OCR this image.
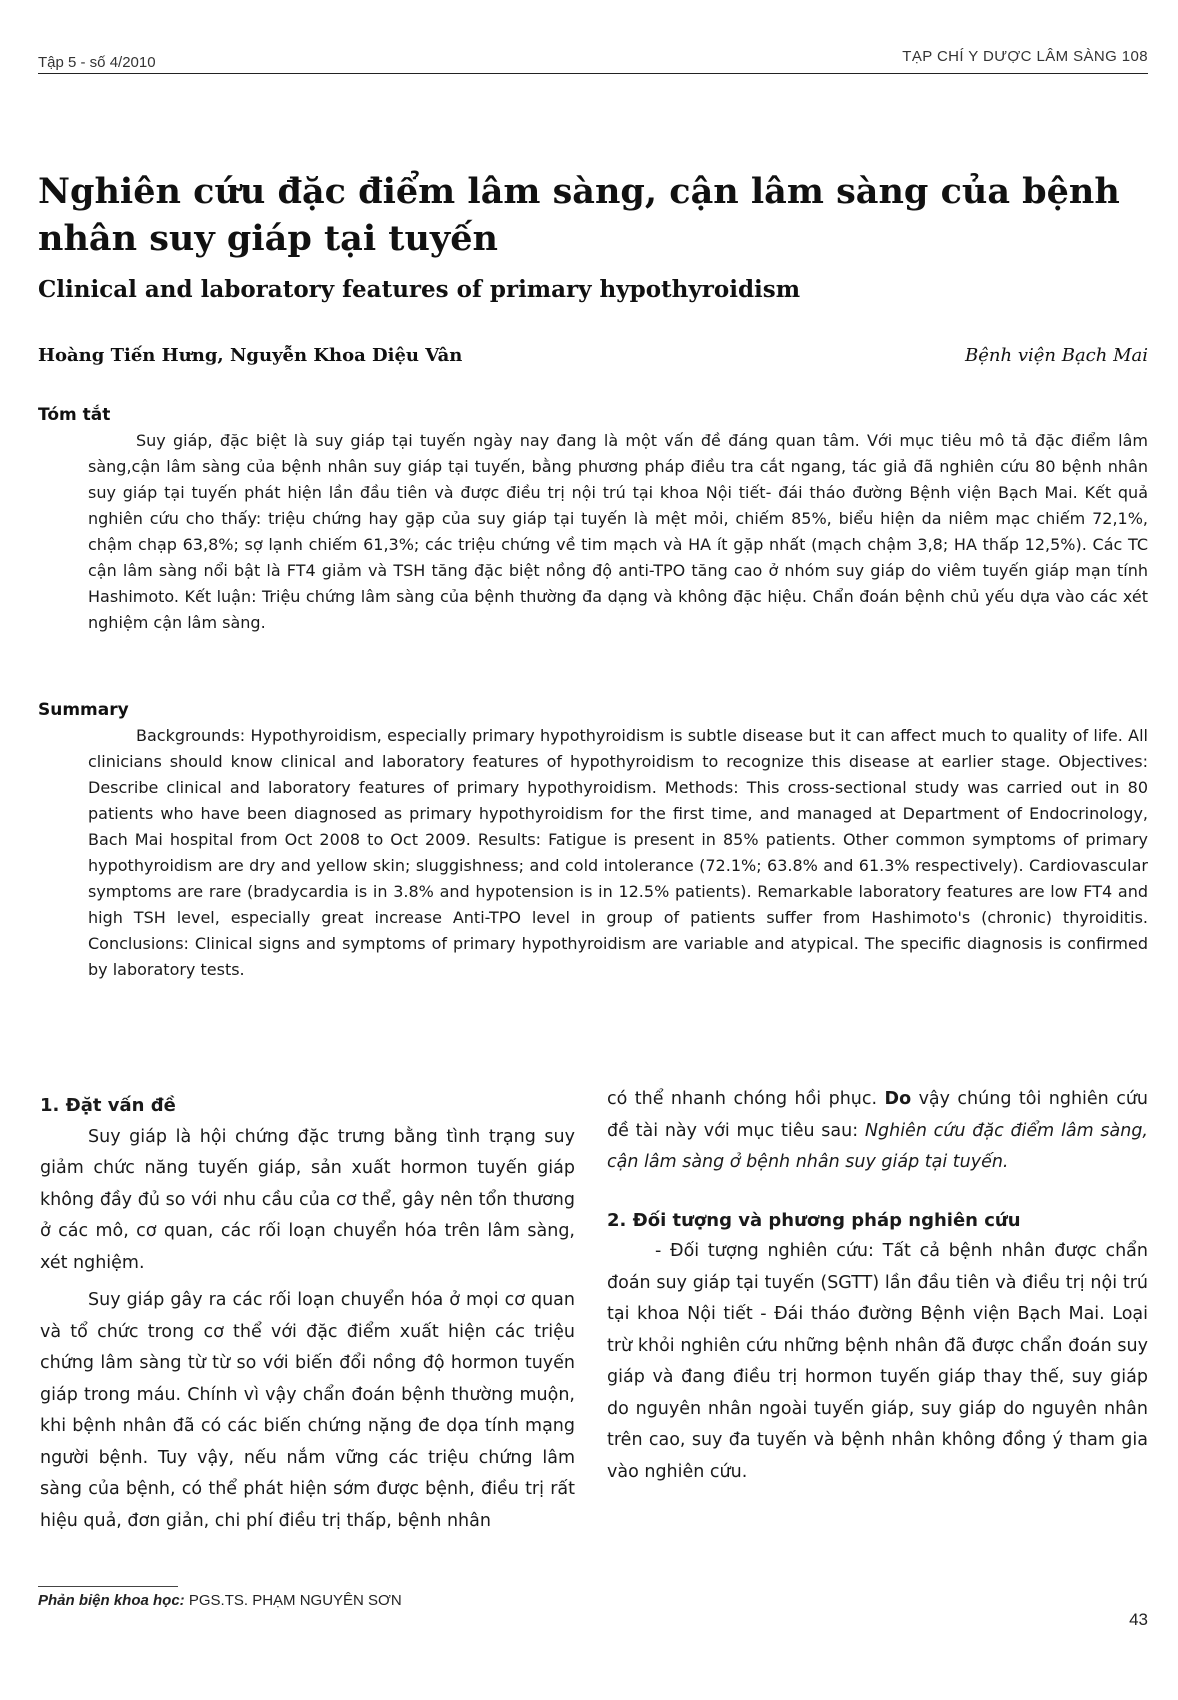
Tập 5 - số 4/2010	TẠP CHÍ Y DƯỢC LÂM SÀNG 108
Nghiên cứu đặc điểm lâm sàng, cận lâm sàng của bệnh nhân suy giáp tại tuyến
Clinical and laboratory features of primary hypothyroidism
Hoàng Tiến Hưng, Nguyễn Khoa Diệu Vân	Bệnh viện Bạch Mai
Tóm tắt

Suy giáp, đặc biệt là suy giáp tại tuyến ngày nay đang là một vấn đề đáng quan tâm. Với mục tiêu mô tả đặc điểm lâm sàng,cận lâm sàng của bệnh nhân suy giáp tại tuyến, bằng phương pháp điều tra cắt ngang, tác giả đã nghiên cứu 80 bệnh nhân suy giáp tại tuyến phát hiện lần đầu tiên và được điều trị nội trú tại khoa Nội tiết- đái tháo đường Bệnh viện Bạch Mai. Kết quả nghiên cứu cho thấy: triệu chứng hay gặp của suy giáp tại tuyến là mệt mỏi, chiếm 85%, biểu hiện da niêm mạc chiếm 72,1%, chậm chạp 63,8%; sợ lạnh chiếm 61,3%; các triệu chứng về tim mạch và HA ít gặp nhất (mạch chậm 3,8; HA thấp 12,5%). Các TC cận lâm sàng nổi bật là FT4 giảm và TSH tăng đặc biệt nồng độ anti-TPO tăng cao ở nhóm suy giáp do viêm tuyến giáp mạn tính Hashimoto. Kết luận: Triệu chứng lâm sàng của bệnh thường đa dạng và không đặc hiệu. Chẩn đoán bệnh chủ yếu dựa vào các xét nghiệm cận lâm sàng.

Summary

Backgrounds: Hypothyroidism, especially primary hypothyroidism is subtle disease but it can affect much to quality of life. All clinicians should know clinical and laboratory features of hypothyroidism to recognize this disease at earlier stage. Objectives: Describe clinical and laboratory features of primary hypothyroidism. Methods: This cross-sectional study was carried out in 80 patients who have been diagnosed as primary hypothyroidism for the first time, and managed at Department of Endocrinology, Bach Mai hospital from Oct 2008 to Oct 2009. Results: Fatigue is present in 85% patients. Other common symptoms of primary hypothyroidism are dry and yellow skin; sluggishness; and cold intolerance (72.1%; 63.8% and 61.3% respectively). Cardiovascular symptoms are rare (bradycardia is in 3.8% and hypotension is in 12.5% patients). Remarkable laboratory features are low FT4 and high TSH level, especially great increase Anti-TPO level in group of patients suffer from Hashimoto's (chronic) thyroiditis. Conclusions: Clinical signs and symptoms of primary hypothyroidism are variable and atypical. The specific diagnosis is confirmed by laboratory tests.

1. Đặt vấn đề

Suy giáp là hội chứng đặc trưng bằng tình trạng suy giảm chức năng tuyến giáp, sản xuất hormon tuyến giáp không đầy đủ so với nhu cầu của cơ thể, gây nên tổn thương ở các mô, cơ quan, các rối loạn chuyển hóa trên lâm sàng, xét nghiệm.

Suy giáp gây ra các rối loạn chuyển hóa ở mọi cơ quan và tổ chức trong cơ thể với đặc điểm xuất hiện các triệu chứng lâm sàng từ từ so với biến đổi nồng độ hormon tuyến giáp trong máu. Chính vì vậy chẩn đoán bệnh thường muộn, khi bệnh nhân đã có các biến chứng nặng đe dọa tính mạng người bệnh. Tuy vậy, nếu nắm vững các triệu chứng lâm sàng của bệnh, có thể phát hiện sớm được bệnh, điều trị rất hiệu quả, đơn giản, chi phí điều trị thấp, bệnh nhân

có thể nhanh chóng hồi phục. Do vậy chúng tôi nghiên cứu đề tài này với mục tiêu sau: Nghiên cứu đặc điểm lâm sàng, cận lâm sàng ở bệnh nhân suy giáp tại tuyến.

2. Đối tượng và phương pháp nghiên cứu

- Đối tượng nghiên cứu: Tất cả bệnh nhân được chẩn đoán suy giáp tại tuyến (SGTT) lần đầu tiên và điều trị nội trú tại khoa Nội tiết - Đái tháo đường Bệnh viện Bạch Mai. Loại trừ khỏi nghiên cứu những bệnh nhân đã được chẩn đoán suy giáp và đang điều trị hormon tuyến giáp thay thế, suy giáp do nguyên nhân ngoài tuyến giáp, suy giáp do nguyên nhân trên cao, suy đa tuyến và bệnh nhân không đồng ý tham gia vào nghiên cứu.

Phản biện khoa học: PGS.TS. PHẠM NGUYÊN SƠN
43
